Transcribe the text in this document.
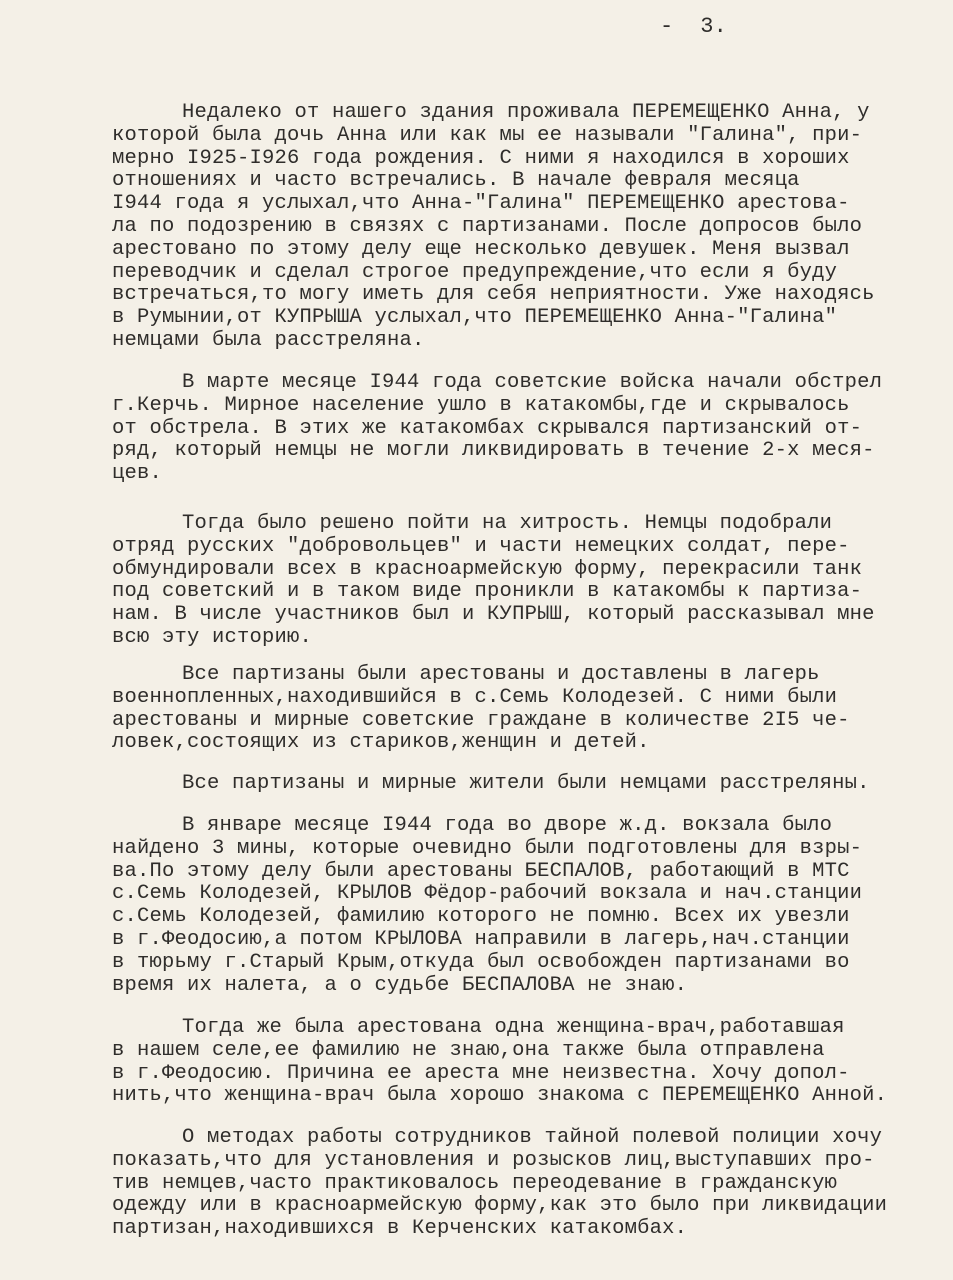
-  3.
Недалеко от нашего здания проживала ПЕРЕМЕЩЕНКО Анна, у
которой была дочь Анна или как мы ее называли "Галина", при-
мерно I925-I926 года рождения. С ними я находился в хороших
отношениях и часто встречались. В начале февраля месяца
I944 года я услыхал,что Анна-"Галина" ПЕРЕМЕЩЕНКО арестова-
ла по подозрению в связях с партизанами. После допросов было
арестовано по этому делу еще несколько девушек. Меня вызвал
переводчик и сделал строгое предупреждение,что если я буду
встречаться,то могу иметь для себя неприятности. Уже находясь
в Румынии,от КУПРЫША услыхал,что ПЕРЕМЕЩЕНКО Анна-"Галина"
немцами была расстреляна.
В марте месяце I944 года советские войска начали обстрел
г.Керчь. Мирное население ушло в катакомбы,где и скрывалось
от обстрела. В этих же катакомбах скрывался партизанский от-
ряд, который немцы не могли ликвидировать в течение 2-х меся-
цев.
Тогда было решено пойти на хитрость. Немцы подобрали
отряд русских "добровольцев" и части немецких солдат, пере-
обмундировали всех в красноармейскую форму, перекрасили танк
под советский и в таком виде проникли в катакомбы к партиза-
нам. В числе участников был и КУПРЫШ, который рассказывал мне
всю эту историю.
Все партизаны были арестованы и доставлены в лагерь
военнопленных,находившийся в с.Семь Колодезей. С ними были
арестованы и мирные советские граждане в количестве 2I5 че-
ловек,состоящих из стариков,женщин и детей.
Все партизаны и мирные жители были немцами расстреляны.
В январе месяце I944 года во дворе ж.д. вокзала было
найдено 3 мины, которые очевидно были подготовлены для взры-
ва.По этому делу были арестованы БЕСПАЛОВ, работающий в МТС
с.Семь Колодезей, КРЫЛОВ Фёдор-рабочий вокзала и нач.станции
с.Семь Колодезей, фамилию которого не помню. Всех их увезли
в г.Феодосию,а потом КРЫЛОВА направили в лагерь,нач.станции
в тюрьму г.Старый Крым,откуда был освобожден партизанами во
время их налета, а о судьбе БЕСПАЛОВА не знаю.
Тогда же была арестована одна женщина-врач,работавшая
в нашем селе,ее фамилию не знаю,она также была отправлена
в г.Феодосию. Причина ее ареста мне неизвестна. Хочу допол-
нить,что женщина-врач была хорошо знакома с ПЕРЕМЕЩЕНКО Анной.
О методах работы сотрудников тайной полевой полиции хочу
показать,что для установления и розысков лиц,выступавших про-
тив немцев,часто практиковалось переодевание в гражданскую
одежду или в красноармейскую форму,как это было при ликвидации
партизан,находившихся в Керченских катакомбах.
